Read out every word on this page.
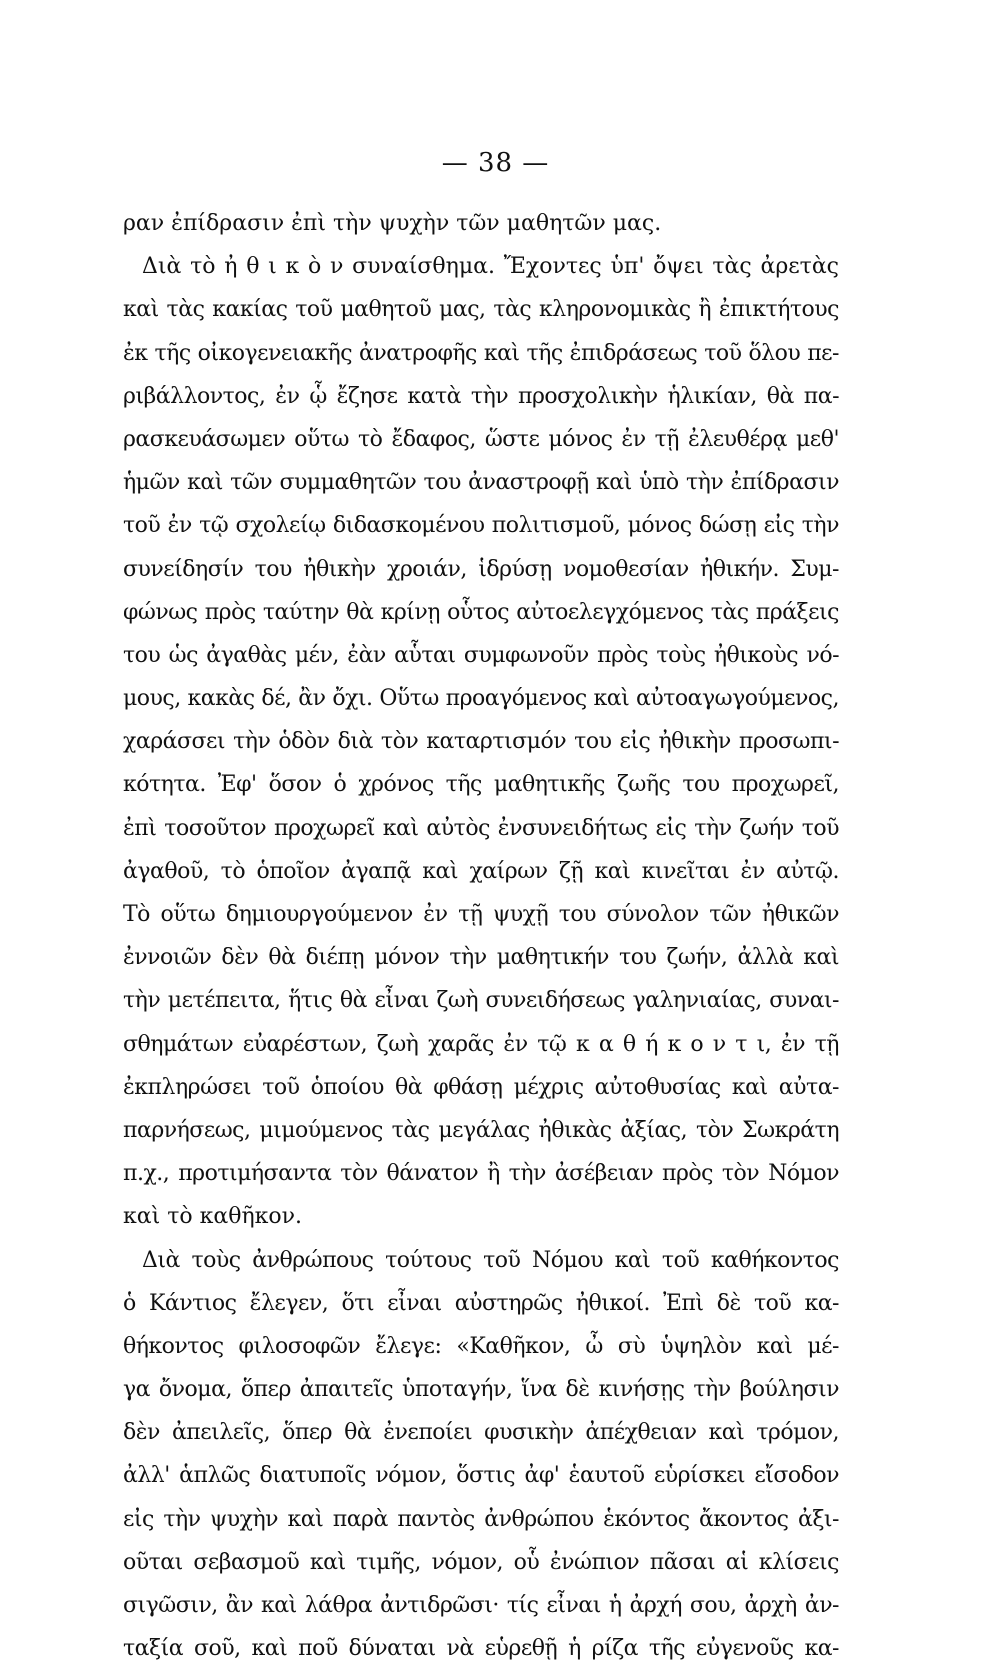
— 38 —
ραν ἐπίδρασιν ἐπὶ τὴν ψυχὴν τῶν μαθητῶν μας.
Διὰ τὸ ἠ θ ι κ ὸ ν συναίσθημα. Ἔχοντες ὑπ' ὄψει τὰς ἀρετὰς
καὶ τὰς κακίας τοῦ μαθητοῦ μας, τὰς κληρονομικὰς ἢ ἐπικτήτους
ἐκ τῆς οἰκογενειακῆς ἀνατροφῆς καὶ τῆς ἐπιδράσεως τοῦ ὅλου πε-
ριβάλλοντος, ἐν ᾧ ἔζησε κατὰ τὴν προσχολικὴν ἡλικίαν, θὰ πα-
ρασκευάσωμεν οὕτω τὸ ἔδαφος, ὥστε μόνος ἐν τῇ ἐλευθέρᾳ μεθ'
ἡμῶν καὶ τῶν συμμαθητῶν του ἀναστροφῇ καὶ ὑπὸ τὴν ἐπίδρασιν
τοῦ ἐν τῷ σχολείῳ διδασκομένου πολιτισμοῦ, μόνος δώσῃ εἰς τὴν
συνείδησίν του ἠθικὴν χροιάν, ἱδρύσῃ νομοθεσίαν ἠθικήν. Συμ-
φώνως πρὸς ταύτην θὰ κρίνῃ οὗτος αὐτοελεγχόμενος τὰς πράξεις
του ὡς ἀγαθὰς μέν, ἐὰν αὗται συμφωνοῦν πρὸς τοὺς ἠθικοὺς νό-
μους, κακὰς δέ, ἂν ὄχι. Οὕτω προαγόμενος καὶ αὐτοαγωγούμενος,
χαράσσει τὴν ὁδὸν διὰ τὸν καταρτισμόν του εἰς ἠθικὴν προσωπι-
κότητα. Ἐφ' ὅσον ὁ χρόνος τῆς μαθητικῆς ζωῆς του προχωρεῖ,
ἐπὶ τοσοῦτον προχωρεῖ καὶ αὐτὸς ἐνσυνειδήτως εἰς τὴν ζωήν τοῦ
ἀγαθοῦ, τὸ ὁποῖον ἀγαπᾷ καὶ χαίρων ζῇ καὶ κινεῖται ἐν αὐτῷ.
Τὸ οὕτω δημιουργούμενον ἐν τῇ ψυχῇ του σύνολον τῶν ἠθικῶν
ἐννοιῶν δὲν θὰ διέπῃ μόνον τὴν μαθητικήν του ζωήν, ἀλλὰ καὶ
τὴν μετέπειτα, ἥτις θὰ εἶναι ζωὴ συνειδήσεως γαληνιαίας, συναι-
σθημάτων εὐαρέστων, ζωὴ χαρᾶς ἐν τῷ κ α θ ή κ ο ν τ ι, ἐν τῇ
ἐκπληρώσει τοῦ ὁποίου θὰ φθάσῃ μέχρις αὐτοθυσίας καὶ αὐτα-
παρνήσεως, μιμούμενος τὰς μεγάλας ἠθικὰς ἀξίας, τὸν Σωκράτη
π.χ., προτιμήσαντα τὸν θάνατον ἢ τὴν ἀσέβειαν πρὸς τὸν Νόμον
καὶ τὸ καθῆκον.
Διὰ τοὺς ἀνθρώπους τούτους τοῦ Νόμου καὶ τοῦ καθήκοντος
ὁ Κάντιος ἔλεγεν, ὅτι εἶναι αὐστηρῶς ἠθικοί. Ἐπὶ δὲ τοῦ κα-
θήκοντος φιλοσοφῶν ἔλεγε: «Καθῆκον, ὦ σὺ ὑψηλὸν καὶ μέ-
γα ὄνομα, ὅπερ ἀπαιτεῖς ὑποταγήν, ἵνα δὲ κινήσῃς τὴν βούλησιν
δὲν ἀπειλεῖς, ὅπερ θὰ ἐνεποίει φυσικὴν ἀπέχθειαν καὶ τρόμον,
ἀλλ' ἁπλῶς διατυποῖς νόμον, ὅστις ἀφ' ἑαυτοῦ εὑρίσκει εἴσοδον
εἰς τὴν ψυχὴν καὶ παρὰ παντὸς ἀνθρώπου ἑκόντος ἄκοντος ἀξι-
οῦται σεβασμοῦ καὶ τιμῆς, νόμον, οὗ ἐνώπιον πᾶσαι αἱ κλίσεις
σιγῶσιν, ἂν καὶ λάθρα ἀντιδρῶσι· τίς εἶναι ἡ ἀρχή σου, ἀρχὴ ἀν-
ταξία σοῦ, καὶ ποῦ δύναται νὰ εὑρεθῇ ἡ ρίζα τῆς εὐγενοῦς κα-
